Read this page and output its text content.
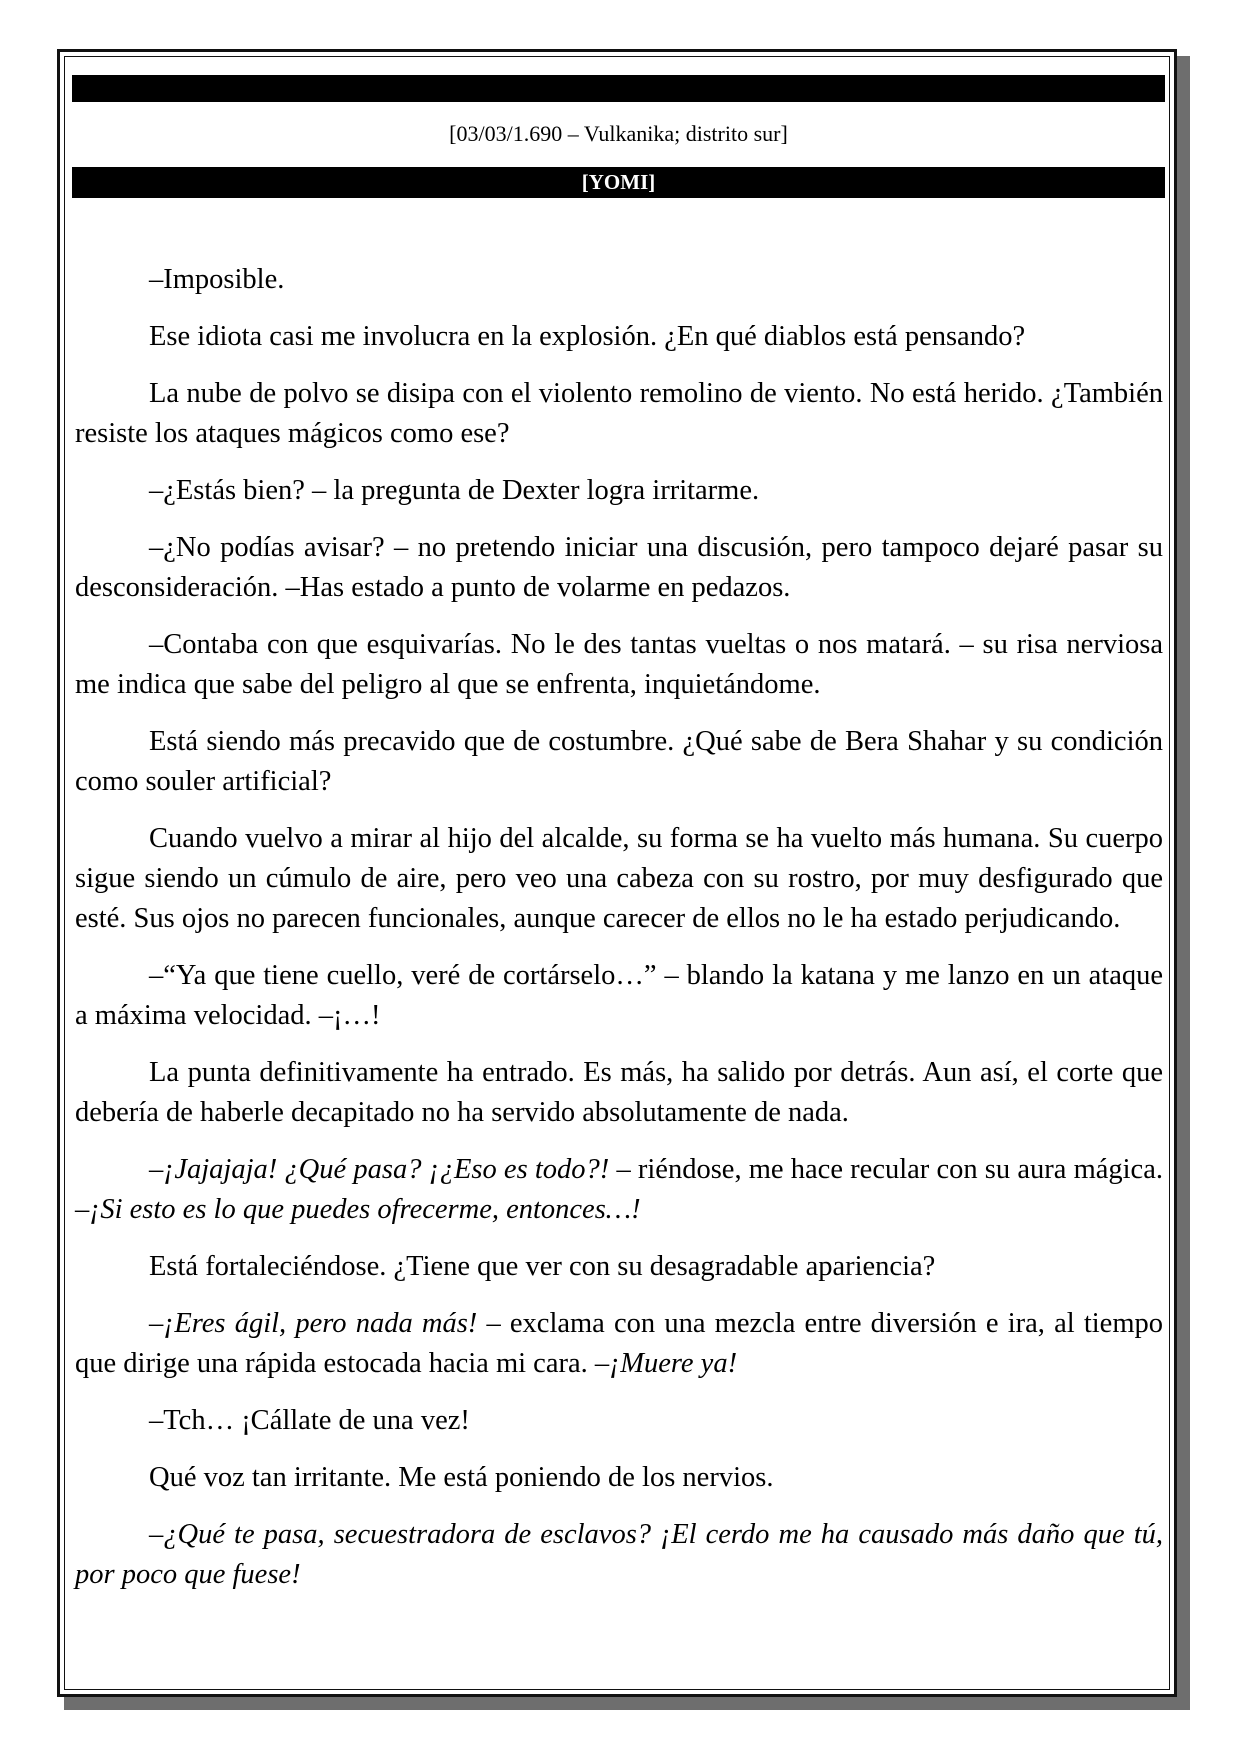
[03/03/1.690 – Vulkanika; distrito sur]
[YOMI]

–Imposible.

Ese idiota casi me involucra en la explosión. ¿En qué diablos está pensando?

La nube de polvo se disipa con el violento remolino de viento. No está herido. ¿También resiste los ataques mágicos como ese?

–¿Estás bien? – la pregunta de Dexter logra irritarme.

–¿No podías avisar? – no pretendo iniciar una discusión, pero tampoco dejaré pasar su desconsideración. –Has estado a punto de volarme en pedazos.

–Contaba con que esquivarías. No le des tantas vueltas o nos matará. – su risa nerviosa me indica que sabe del peligro al que se enfrenta, inquietándome.

Está siendo más precavido que de costumbre. ¿Qué sabe de Bera Shahar y su condición como souler artificial?

Cuando vuelvo a mirar al hijo del alcalde, su forma se ha vuelto más humana. Su cuerpo sigue siendo un cúmulo de aire, pero veo una cabeza con su rostro, por muy desfigurado que esté. Sus ojos no parecen funcionales, aunque carecer de ellos no le ha estado perjudicando.

–“Ya que tiene cuello, veré de cortárselo…” – blando la katana y me lanzo en un ataque a máxima velocidad. –¡…!

La punta definitivamente ha entrado. Es más, ha salido por detrás. Aun así, el corte que debería de haberle decapitado no ha servido absolutamente de nada.

–¡Jajajaja! ¿Qué pasa? ¡¿Eso es todo?! – riéndose, me hace recular con su aura mágica. –¡Si esto es lo que puedes ofrecerme, entonces…!

Está fortaleciéndose. ¿Tiene que ver con su desagradable apariencia?

–¡Eres ágil, pero nada más! – exclama con una mezcla entre diversión e ira, al tiempo que dirige una rápida estocada hacia mi cara. –¡Muere ya!

–Tch… ¡Cállate de una vez!

Qué voz tan irritante. Me está poniendo de los nervios.

–¿Qué te pasa, secuestradora de esclavos? ¡El cerdo me ha causado más daño que tú, por poco que fuese!
